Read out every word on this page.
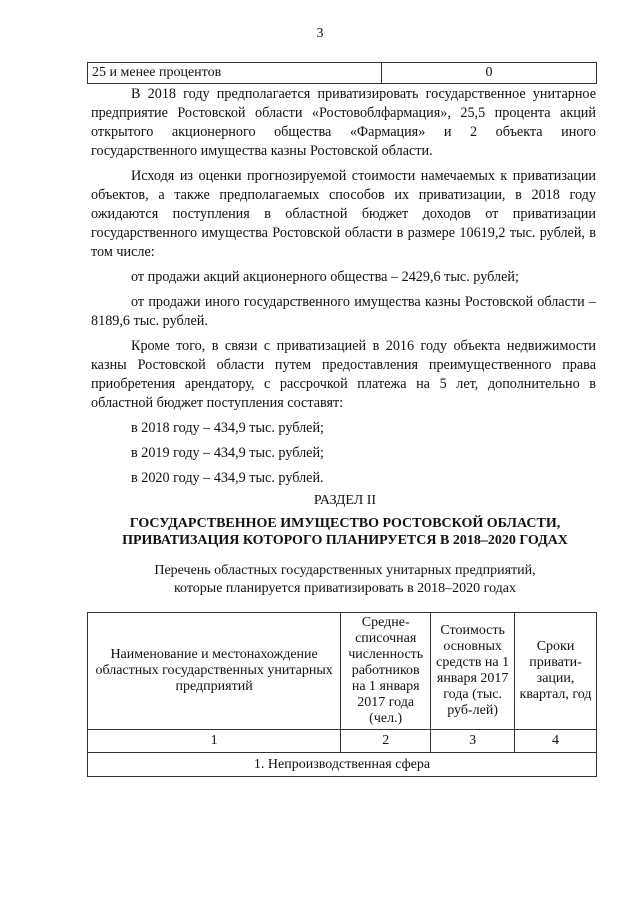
3
25 и менее процентов	0

В 2018 году предполагается приватизировать государственное унитарное предприятие Ростовской области «Ростовоблфармация», 25,5 процента акций открытого акционерного общества «Фармация» и 2 объекта иного государственного имущества казны Ростовской области.

Исходя из оценки прогнозируемой стоимости намечаемых к приватизации объектов, а также предполагаемых способов их приватизации, в 2018 году ожидаются поступления в областной бюджет доходов от приватизации государственного имущества Ростовской области в размере 10619,2 тыс. рублей, в том числе:

от продажи акций акционерного общества – 2429,6 тыс. рублей;

от продажи иного государственного имущества казны Ростовской области – 8189,6 тыс. рублей.

Кроме того, в связи с приватизацией в 2016 году объекта недвижимости казны Ростовской области путем предоставления преимущественного права приобретения арендатору, с рассрочкой платежа на 5 лет, дополнительно в областной бюджет поступления составят:

в 2018 году – 434,9 тыс. рублей;

в 2019 году – 434,9 тыс. рублей;

в 2020 году – 434,9 тыс. рублей.

РАЗДЕЛ II
ГОСУДАРСТВЕННОЕ ИМУЩЕСТВО РОСТОВСКОЙ ОБЛАСТИ,
ПРИВАТИЗАЦИЯ КОТОРОГО ПЛАНИРУЕТСЯ В 2018–2020 ГОДАХ
Перечень областных государственных унитарных предприятий,
которые планируется приватизировать в 2018–2020 годах
Наименование и местонахождение областных государственных унитарных предприятий	Средне-списочная численность работников на 1 января 2017 года (чел.)	Стоимость основных средств на 1 января 2017 года (тыс. руб-лей)	Сроки привати-зации, квартал, год
1	2	3	4
1. Непроизводственная сфера			
